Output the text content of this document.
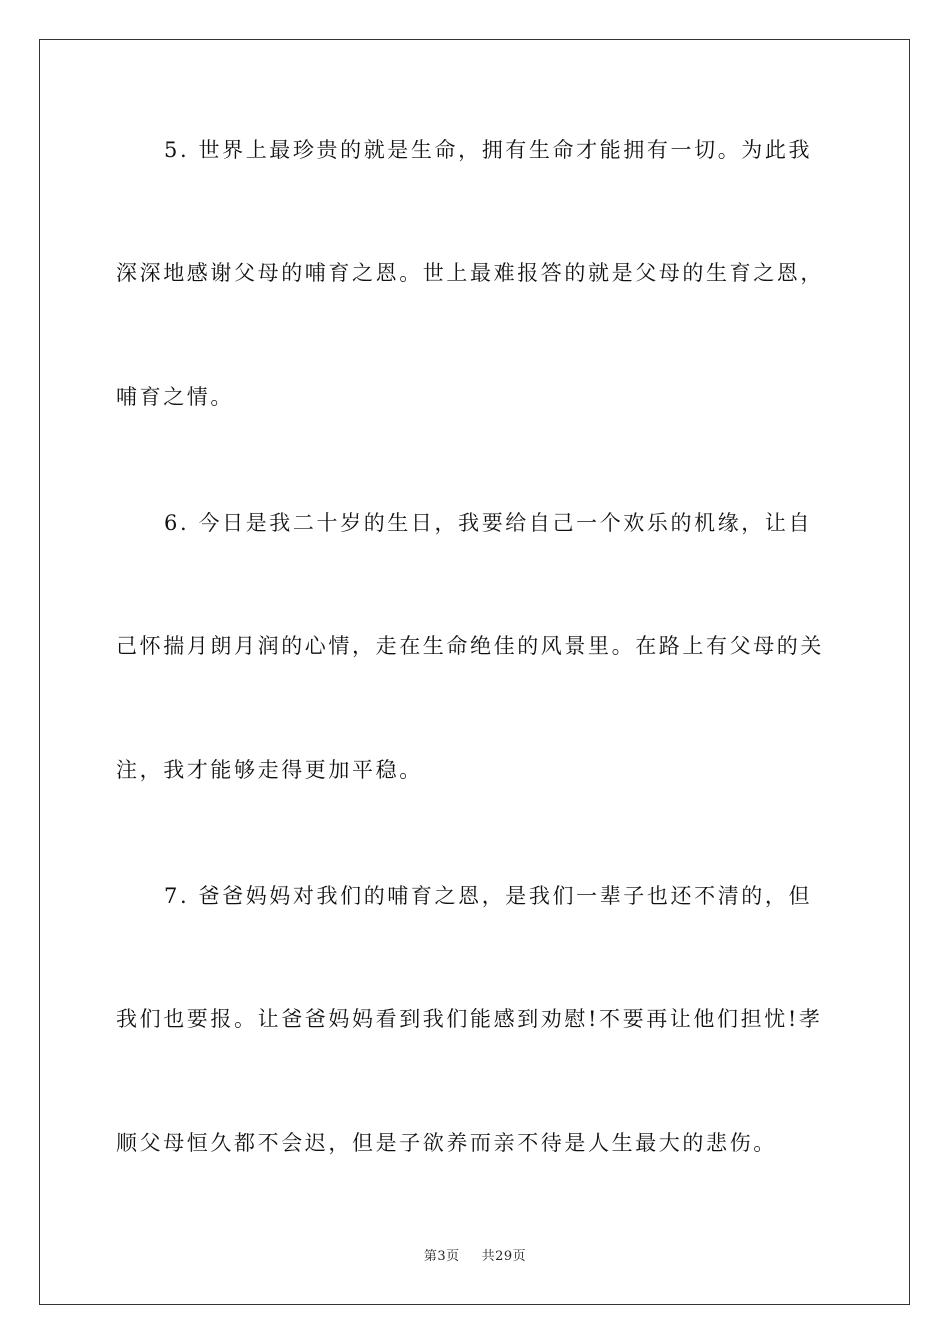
5. 世界上最珍贵的就是生命，拥有生命才能拥有一切。为此我
深深地感谢父母的哺育之恩。世上最难报答的就是父母的生育之恩，
哺育之情。
6. 今日是我二十岁的生日，我要给自己一个欢乐的机缘，让自
己怀揣月朗月润的心情，走在生命绝佳的风景里。在路上有父母的关
注，我才能够走得更加平稳。
7. 爸爸妈妈对我们的哺育之恩，是我们一辈子也还不清的，但
我们也要报。让爸爸妈妈看到我们能感到劝慰!不要再让他们担忧!孝
顺父母恒久都不会迟，但是子欲养而亲不待是人生最大的悲伤。
第3页 共29页
